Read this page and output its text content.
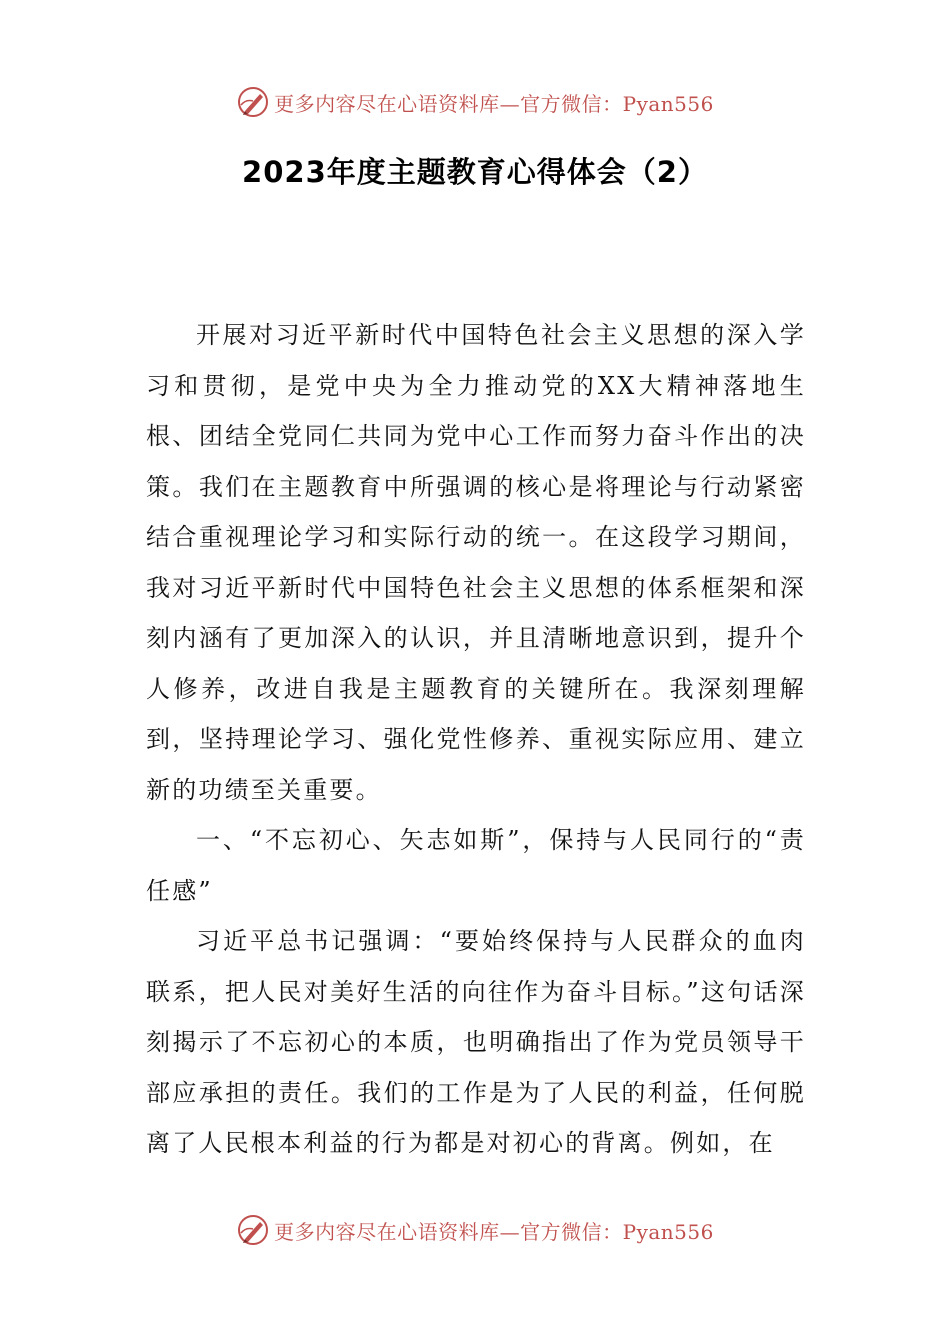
更多内容尽在心语资料库—官方微信：Pyan556
2023年度主题教育心得体会（2）

开展对习近平新时代中国特色社会主义思想的深入学习和贯彻，是党中央为全力推动党的XX大精神落地生根、团结全党同仁共同为党中心工作而努力奋斗作出的决策。我们在主题教育中所强调的核心是将理论与行动紧密结合重视理论学习和实际行动的统一。在这段学习期间，我对习近平新时代中国特色社会主义思想的体系框架和深刻内涵有了更加深入的认识，并且清晰地意识到，提升个人修养，改进自我是主题教育的关键所在。我深刻理解到，坚持理论学习、强化党性修养、重视实际应用、建立新的功绩至关重要。

一、“不忘初心、矢志如斯”，保持与人民同行的“责任感”

习近平总书记强调：“要始终保持与人民群众的血肉联系，把人民对美好生活的向往作为奋斗目标。”这句话深刻揭示了不忘初心的本质，也明确指出了作为党员领导干部应承担的责任。我们的工作是为了人民的利益，任何脱离了人民根本利益的行为都是对初心的背离。例如，在

更多内容尽在心语资料库—官方微信：Pyan556
